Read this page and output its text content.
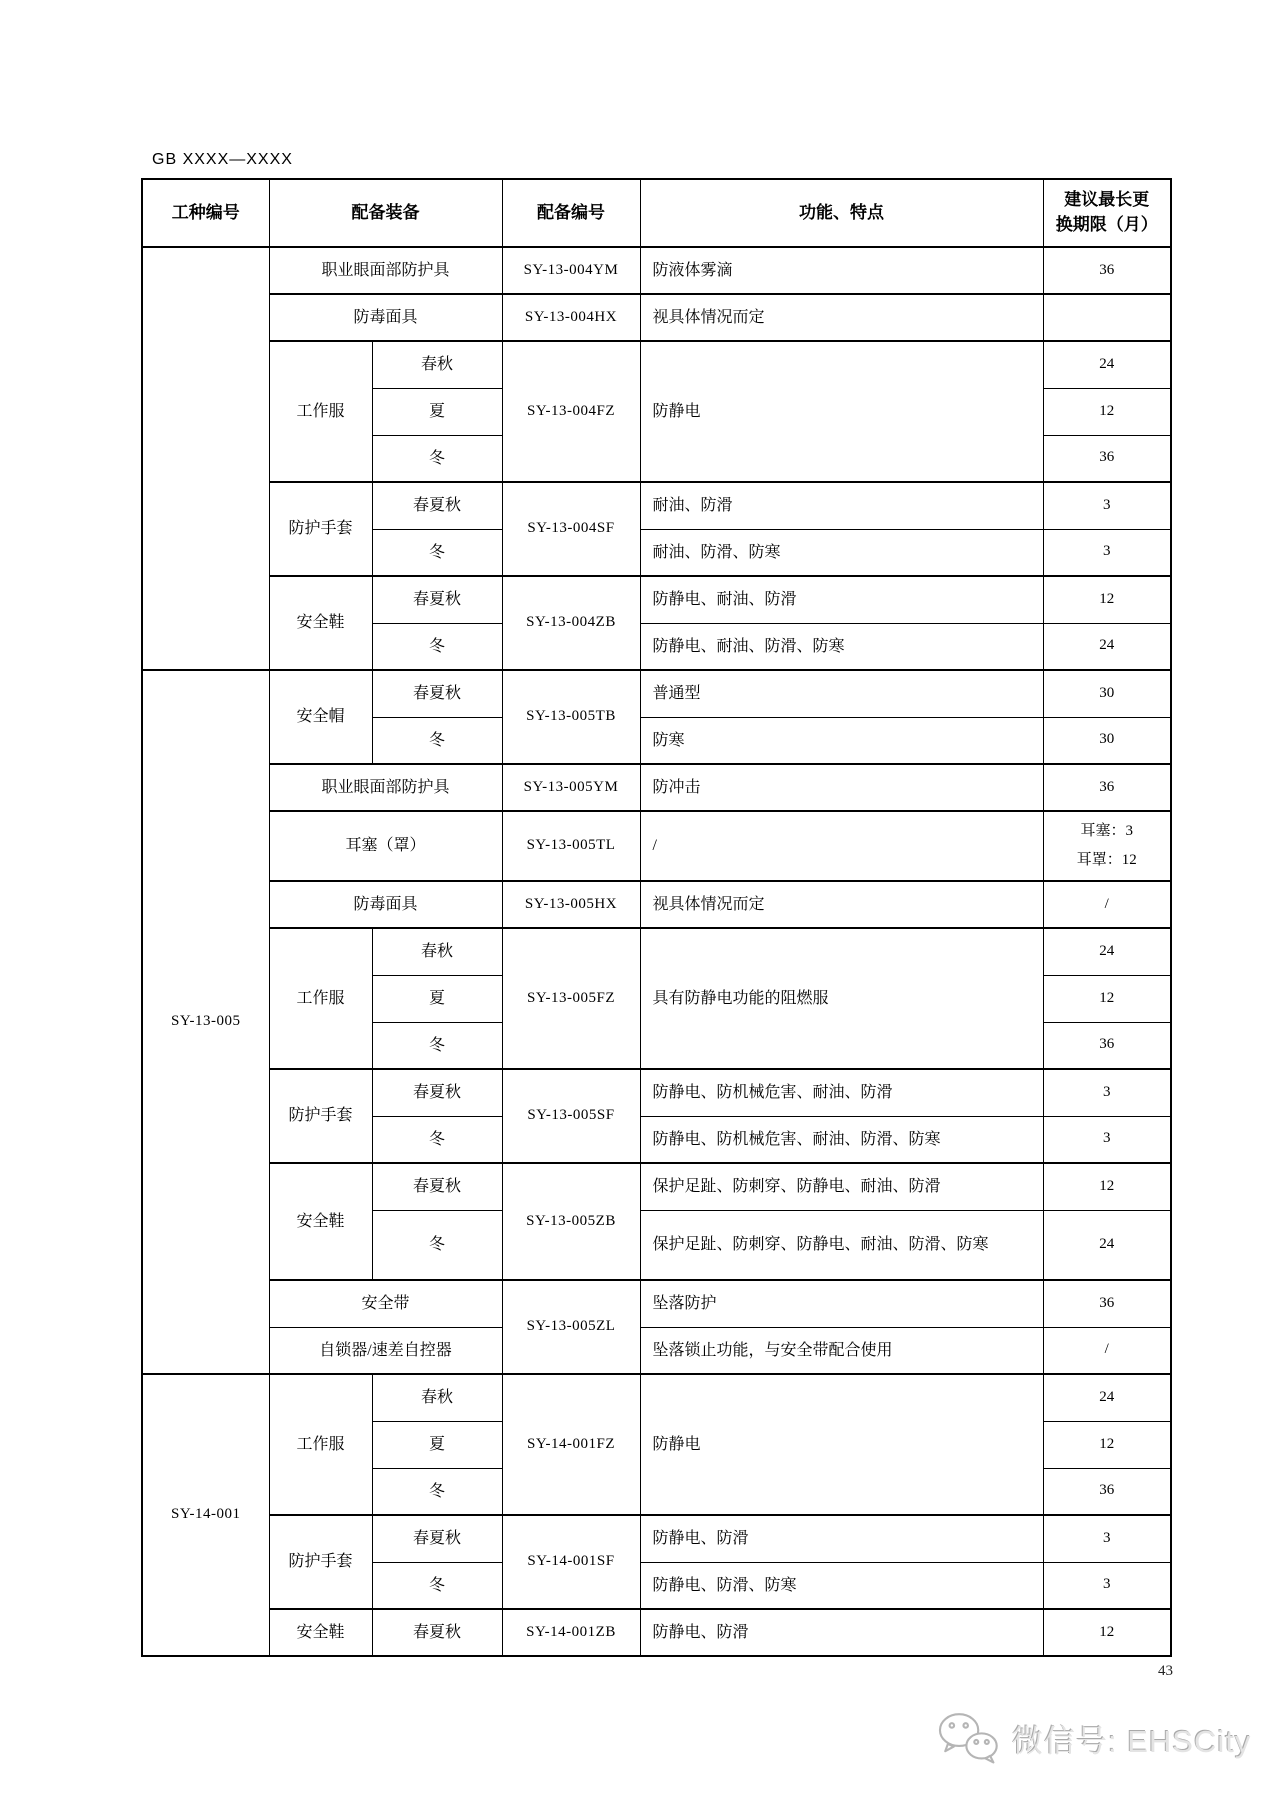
GB XXXX—XXXX
工种编号	配备装备		配备编号	功能、特点	建议最长更
换期限（月）

	职业眼面部防护具		SY-13-004YM	防液体雾滴	36
	防毒面具		SY-13-004HX	视具体情况而定	
	工作服	春秋	SY-13-004FZ	防静电	24
		夏			12
		冬			36
	防护手套	春夏秋	SY-13-004SF	耐油、防滑	3
		冬		耐油、防滑、防寒	3
	安全鞋	春夏秋	SY-13-004ZB	防静电、耐油、防滑	12
		冬		防静电、耐油、防滑、防寒	24
SY-13-005	安全帽	春夏秋	SY-13-005TB	普通型	30
		冬		防寒	30
	职业眼面部防护具		SY-13-005YM	防冲击	36
	耳塞（罩）		SY-13-005TL	/	耳塞：3
耳罩：12

	防毒面具		SY-13-005HX	视具体情况而定	/
	工作服	春秋	SY-13-005FZ	具有防静电功能的阻燃服	24
		夏			12
		冬			36
	防护手套	春夏秋	SY-13-005SF	防静电、防机械危害、耐油、防滑	3
		冬		防静电、防机械危害、耐油、防滑、防寒	3
	安全鞋	春夏秋	SY-13-005ZB	保护足趾、防刺穿、防静电、耐油、防滑	12
		冬		保护足趾、防刺穿、防静电、耐油、防滑、防寒	24
	安全带		SY-13-005ZL	坠落防护	36
	自锁器/速差自控器			坠落锁止功能，与安全带配合使用	/
SY-14-001	工作服	春秋	SY-14-001FZ	防静电	24
		夏			12
		冬			36
	防护手套	春夏秋	SY-14-001SF	防静电、防滑	3
		冬		防静电、防滑、防寒	3
	安全鞋	春夏秋	SY-14-001ZB	防静电、防滑	12
43
微信号: EHSCity
